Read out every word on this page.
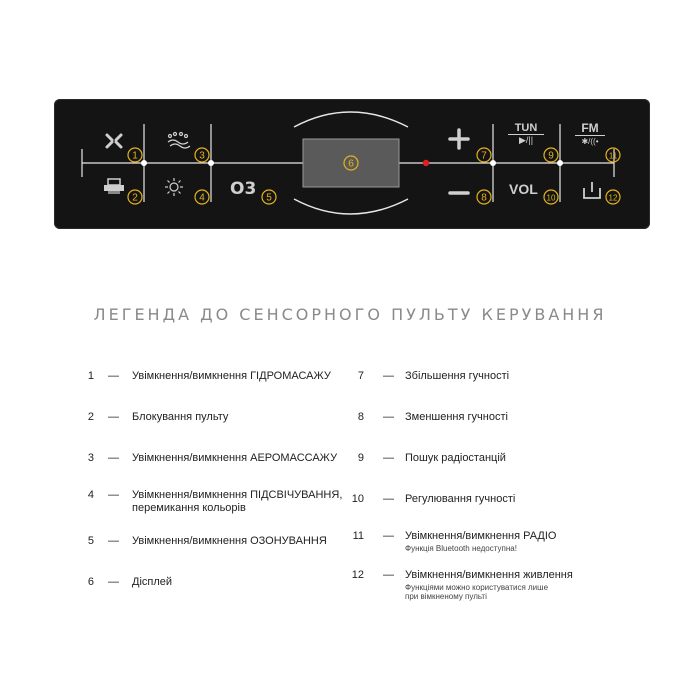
1
2
3
4	5
7
8
9
10
11
12
6
O3
TUN
▶/||
FM
✱/((•
VOL
ЛЕГЕНДА ДО СЕНСОРНОГО ПУЛЬТУ КЕРУВАННЯ
1 — Увімкнення/вимкнення ГІДРОМАСАЖУ
2 — Блокування пульту
3 — Увімкнення/вимкнення АЕРОМАССАЖУ
4 — Увімкнення/вимкнення ПІДСВІЧУВАННЯ,
перемикання кольорів
5 — Увімкнення/вимкнення ОЗОНУВАННЯ
6 — Дісплей
7 — Збільшення гучності
8 — Зменшення гучності
9 — Пошук радіостанцій
10 — Регулювання гучності
11 — Увімкнення/вимкнення РАДІО
Функція Bluetooth недоступна!
12 — Увімкнення/вимкнення живлення
Функціями можно користуватися лише
при вімкненому пульті
